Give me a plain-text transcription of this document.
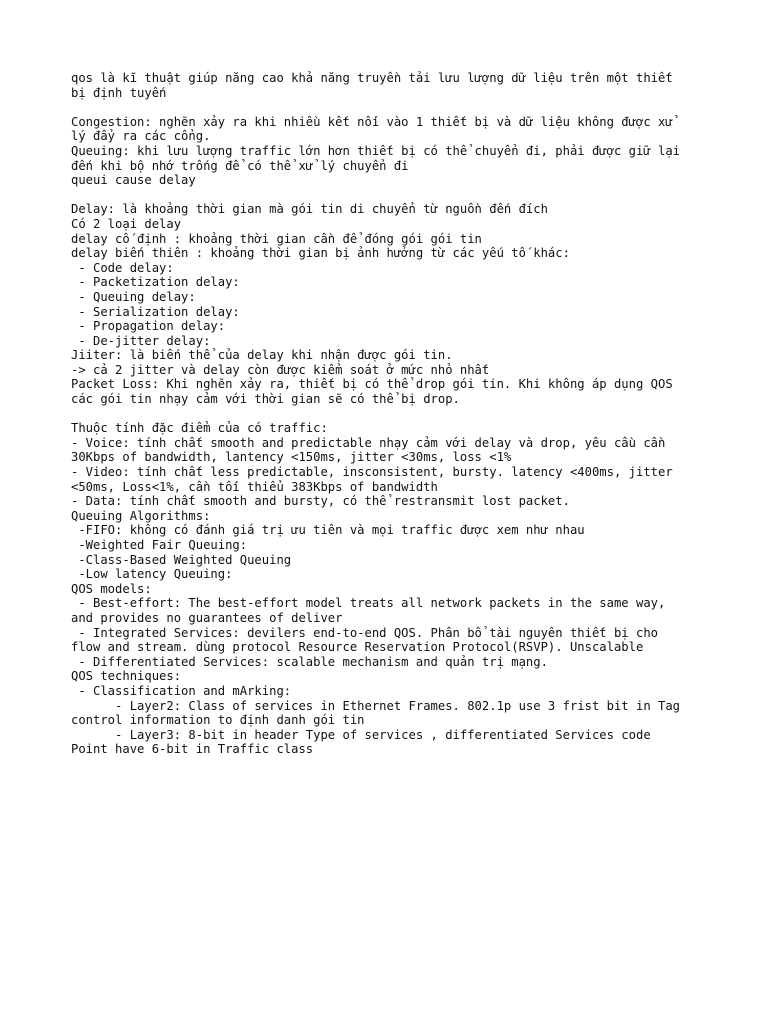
qos là kĩ thuật giúp năng cao khả năng truyền tải lưu lượng dữ liệu trên một thiết
bị định tuyến
Congestion: nghẽn xảy ra khi nhiều kết nối vào 1 thiết bị và dữ liệu không được xử
lý đẩy ra các cổng.
Queuing: khi lưu lượng traffic lớn hơn thiết bị có thể chuyển đi, phải được giữ lại
đến khi bộ nhớ trống để có thể xử lý chuyển đi
queui cause delay
Delay: là khoảng thời gian mà gói tin di chuyển từ nguồn đến đích
Có 2 loại delay
delay cố định : khoảng thời gian cần để đóng gói gói tin
delay biến thiên : khoảng thời gian bị ảnh hưởng từ các yếu tố khác:
- Code delay:
- Packetization delay:
- Queuing delay:
- Serialization delay:
- Propagation delay:
- De-jitter delay:
Jiiter: là biến thể của delay khi nhận được gói tin.
-> cả 2 jitter và delay còn được kiểm soát ở mức nhỏ nhất
Packet Loss: Khi nghẽn xảy ra, thiết bị có thể drop gói tin. Khi không áp dụng QOS
các gói tin nhạy cảm với thời gian sẽ có thể bị drop.
Thuộc tính đặc điểm của có traffic:
- Voice: tính chất smooth and predictable nhạy cảm với delay và drop, yêu cầu cần
30Kbps of bandwidth, lantency <150ms, jitter <30ms, loss <1%
- Video: tính chất less predictable, insconsistent, bursty. latency <400ms, jitter
<50ms, Loss<1%, cần tối thiểu 383Kbps of bandwidth
- Data: tính chất smooth and bursty, có thể restransmit lost packet.
Queuing Algorithms:
-FIFO: không có đánh giá trị ưu tiên và mọi traffic được xem như nhau
-Weighted Fair Queuing:
-Class-Based Weighted Queuing
-Low latency Queuing:
QOS models:
- Best-effort: The best-effort model treats all network packets in the same way,
and provides no guarantees of deliver
- Integrated Services: devilers end-to-end QOS. Phân bổ tài nguyên thiết bị cho
flow and stream. dùng protocol Resource Reservation Protocol(RSVP). Unscalable
- Differentiated Services: scalable mechanism and quản trị mạng.
QOS techniques:
- Classification and mArking:
- Layer2: Class of services in Ethernet Frames. 802.1p use 3 frist bit in Tag
control information to định danh gói tin
- Layer3: 8-bit in header Type of services , differentiated Services code
Point have 6-bit in Traffic class
